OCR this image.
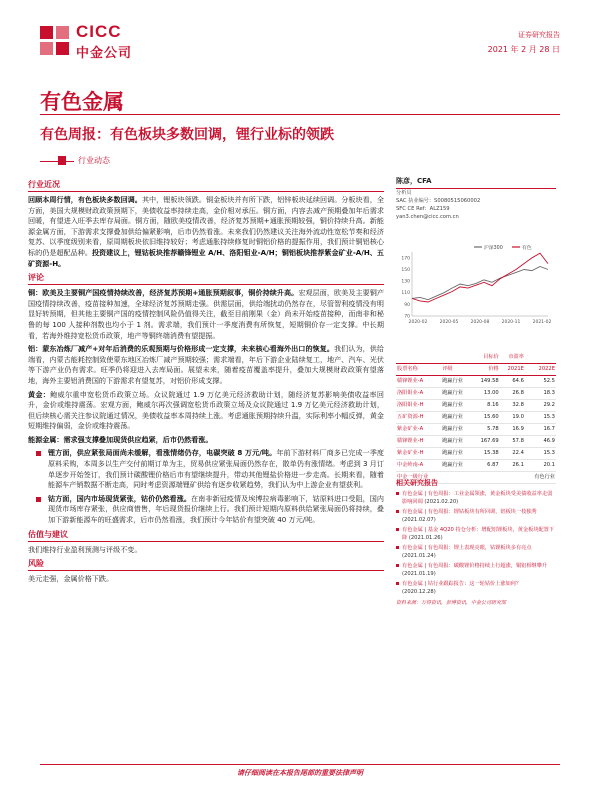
CICC
中金公司
证券研究报告
2021 年 2 月 28 日
有色金属
有色周报：有色板块多数回调，锂行业标的领跌
行业动态
行业近况

回顾本周行情，有色板块多数回调。其中，锂板块领跌。铜金板块并有所下跌，铝锌板块延续回调。分板块看，全方面，美国大规模财政政策预期下，美债收益率持续走高，金价相对承压。铜方面，内容去减产预期叠加年后需求回暖，有望进入旺季去库存局面。铜方面，随欧美疫情改善，经济复苏预期+通胀预期较强，铜价持续升高。新能源金属方面，下游需求支撑叠加供给偏紧影响，后市仍然看涨。未来我们仍然建议关注海外流动性宽松节奏和经济复苏、以季度级别来看，原周期板块依旧维持较好；考虑通胀持续修复时铜铝价格的提振作用，我们预计铜铝核心标的仍是超配品种。投资建议上，锂钴板块推荐赣锋锂业 A/H、洛阳钼业-A/H；铜铝板块推荐紫金矿业-A/H、五矿资源-H。

评论

铜：欧美及主要铜产国疫情持续改善，经济复苏预期+通胀预期叙事，铜价持续升高。宏观层面，欧美及主要铜产国疫情持续改善，疫苗接种加速，全球经济复苏预期走强。供需层面，供给端扰动仍然存在，尽管智利疫情没有明显好转预期，但其他主要铜产国的疫情控制风险仍值得关注，截至目前刚果（金）尚未开始疫苗接种，而南非和秘鲁的每 100 人接种剂数也均小于 1 剂。需求端，我们预计一季度消费有所恢复，短期铜价存一定支撑。中长期看，若海外维持宽松货币政策，地产等铜终端消费有望提振。

铝：蒙东冶炼厂减产+对年后消费的乐观预期与价格形成一定支撑，未来核心看海外出口的恢复。我们认为，供给端看，内蒙古能耗控制致使蒙东地区冶炼厂减产预期较强；需求端看，年后下游企业陆续复工，地产、汽车、光伏等下游产业仍有需求。旺季仍将迎进入去库局面。展望未来，随着疫苗覆盖率提升，叠加大规模财政政策有望落地，海外主要铝消费国的下游需求有望复苏，对铝价形成支撑。

黄金：鲍威尔重申宽松货币政策立场。众议院通过 1.9 万亿美元经济救助计划，随经济复苏影响美债收益率回升，金价或维持震荡。宏观方面，鲍威尔再次强调宽松货币政策立场及众议院通过 1.9 万亿美元经济救助计划，但后续核心需关注参议院通过情况，美债收益率本周持续上涨。考虑通胀预期持续升温，实际利率小幅反弹，黄金短期维持偏弱，金价或维持震荡。

能源金属：需求强支撑叠加现货供应趋紧，后市仍然看涨。

锂方面，供应紧张局面尚未缓解，看涨情绪仍存，电碳突破 8 万元/吨。年前下游材料厂商多已完成一季度原料采购，本周多以生产交付前期订单为主，贸易供应紧张局面仍然存在，散单仍有涨情绪。考虑到 3 月订单逐步开始签订，我们预计碳酸锂价格后市有望继续提升，带动其他锂盐价格进一步走高。长期来看，随着能源车产销数据不断走高，同时考虑资源端锂矿供给有逐步收紧趋势，我们认为中上游企业有望获利。

钴方面，国内市场现货紧张，钴价仍然看涨。在南非新冠疫情及埃博拉病毒影响下，钴原料进口受阻，国内现货市场库存紧张，供应商惜售，年后现货报价继续上行。我们预计短期内原料供给紧张局面仍将持续，叠加下游新能源车的旺盛需求，后市仍然看涨，我们预计今年钴价有望突破 40 万元/吨。

估值与建议

我们维持行业盈利预测与评级不变。

风险

美元走强，金属价格下跌。

陈彦，CFA
分析员
SAC 执业编号：S0080515060002
SFC CE Ref：ALZ159
yan3.chen@cicc.com.cn
70
90
110
130
150
170
2020-02	2020-05	2020-08	2020-11	2021-02
沪深300	有色
		目标价	市盈率	
股票名称	评级	价格	2021E	2022E
赣锋锂业-A	跑赢行业	149.58	64.6	52.5
洛阳钼业-A	跑赢行业	13.00	26.8	18.3
洛阳钼业-H	跑赢行业	8.16	32.8	29.2
五矿资源-H	跑赢行业	15.60	19.0	15.3
紫金矿业-A	跑赢行业	5.78	16.9	16.7
赣锋锂业-H	跑赢行业	167.69	57.8	46.9
紫金矿业-H	跑赢行业	15.38	22.4	15.3
中金岭南-A	跑赢行业	6.87	26.1	20.1
中金一级行业				有色行业
相关研究报告
有色金属 | 有色周报：工业金属领涨，黄金板块受美债收益率走弱影响回调 (2021.02.20)
有色金属 | 有色周报：锂钴板块有所回调，铝板块一枝独秀 (2021.02.07)
有色金属 | 基金 4Q20 持仓分析：增配铝锂板块，黄金板块配置下降 (2021.01.26)
有色金属 | 有色周报：锂上表现亮眼，钴锂板块多有亮点 (2021.01.24)
有色金属 | 有色周报：碳酸锂价格持续上行超涨，铜铝相继攀升 (2021.01.19)
有色金属 | 钴行业跟踪报告：这一轮钴价上涨如何？ (2020.12.28)
资料来源：万得资讯，彭博资讯，中金公司研究部
请仔细阅读在本报告尾部的重要法律声明
